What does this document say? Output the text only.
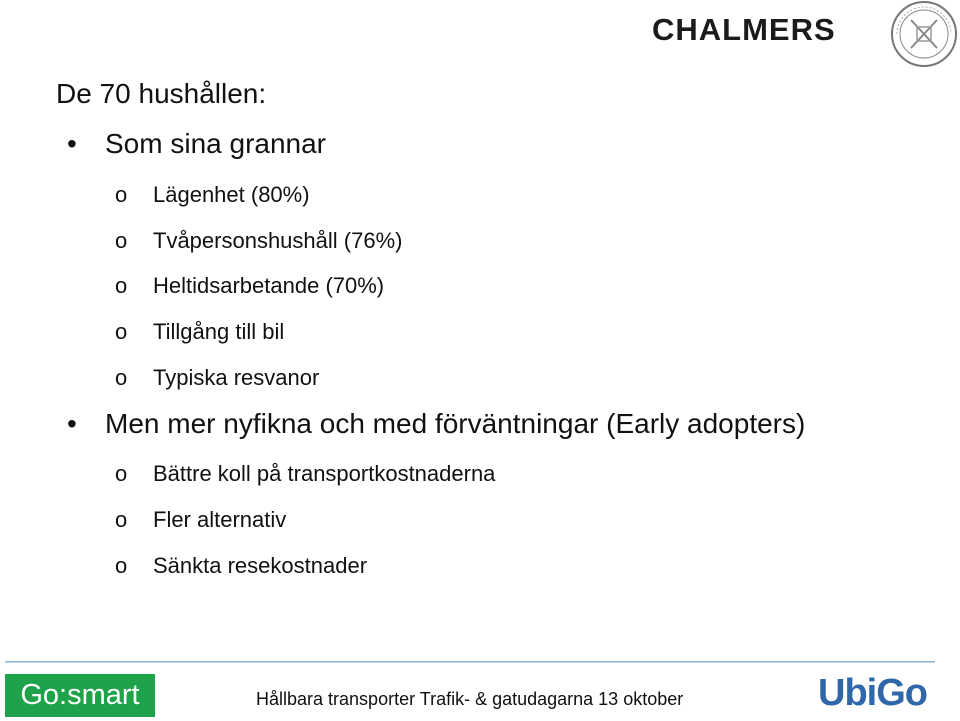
CHALMERS
De 70 hushållen:
• Som sina grannar
o Lägenhet (80%)
o Tvåpersonshushåll (76%)
o Heltidsarbetande (70%)
o Tillgång till bil
o Typiska resvanor
• Men mer nyfikna och med förväntningar (Early adopters)
o Bättre koll på transportkostnaderna
o Fler alternativ
o Sänkta resekostnader
Go:smart	Hållbara transporter Trafik- & gatudagarna 13 oktober	UbiGo
